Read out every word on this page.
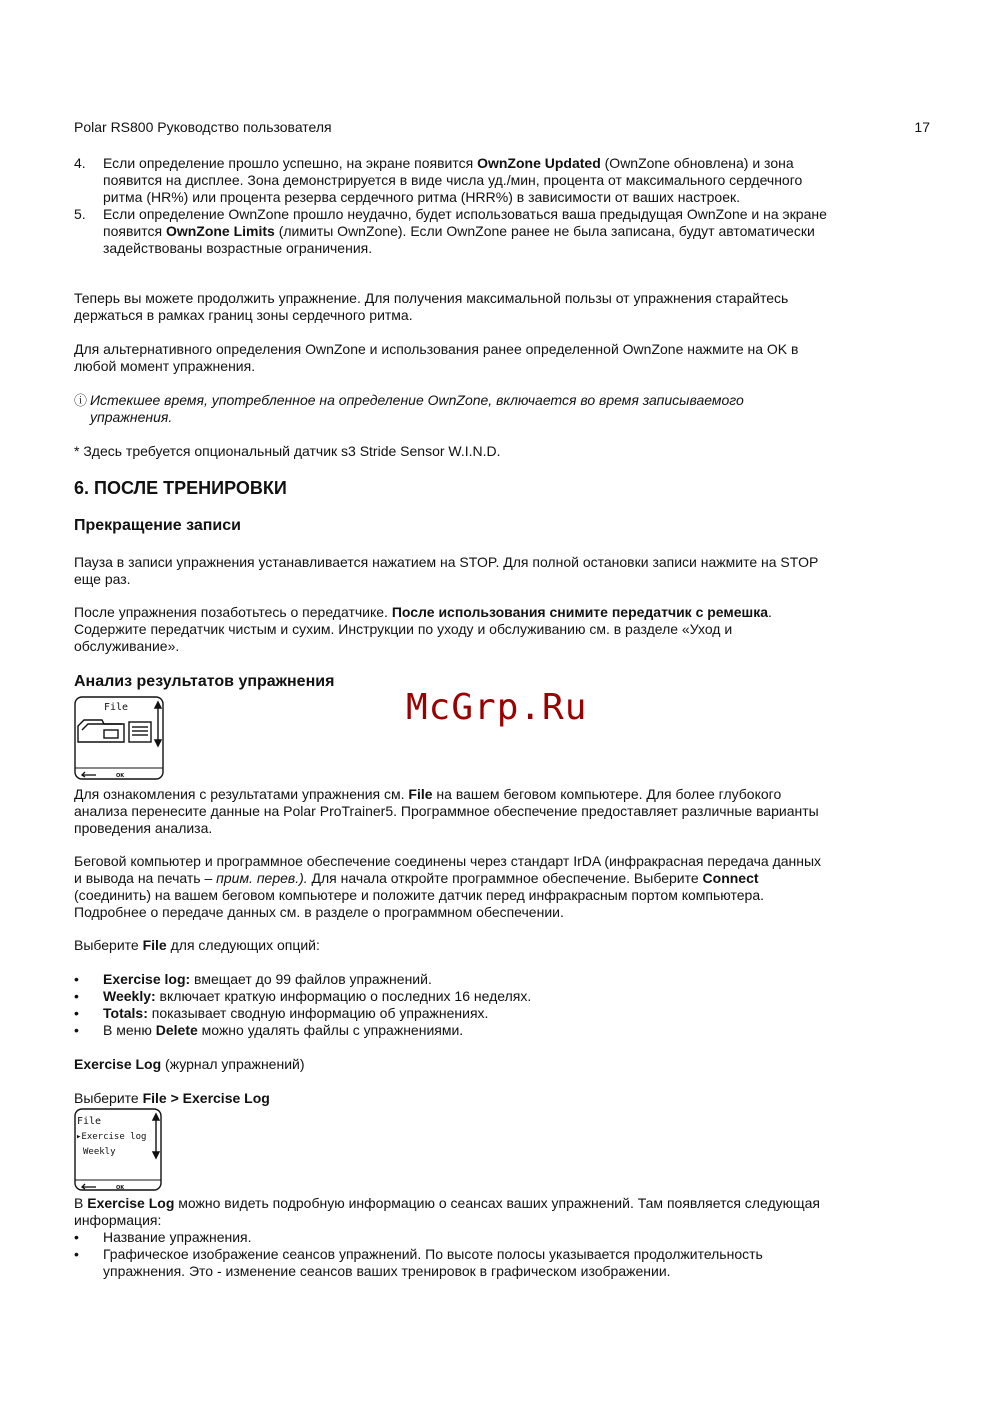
Polar RS800 Руководство пользователя	17
4. Если определение прошло успешно, на экране появится OwnZone Updated (OwnZone обновлена) и зона появится на дисплее. Зона демонстрируется в виде числа уд./мин, процента от максимального сердечного ритма (HR%) или процента резерва сердечного ритма (HRR%) в зависимости от ваших настроек.
5. Если определение OwnZone прошло неудачно, будет использоваться ваша предыдущая OwnZone и на экране появится OwnZone Limits (лимиты OwnZone). Если OwnZone ранее не была записана, будут автоматически задействованы возрастные ограничения.

Теперь вы можете продолжить упражнение. Для получения максимальной пользы от упражнения старайтесь держаться в рамках границ зоны сердечного ритма.

Для альтернативного определения OwnZone и использования ранее определенной OwnZone нажмите на OK в любой момент упражнения.

ⓘ Истекшее время, употребленное на определение OwnZone, включается во время записываемого упражнения.

* Здесь требуется опциональный датчик s3 Stride Sensor W.I.N.D.

6. ПОСЛЕ ТРЕНИРОВКИ
Прекращение записи

Пауза в записи упражнения устанавливается нажатием на STOP. Для полной остановки записи нажмите на STOP еще раз.

После упражнения позаботьтесь о передатчике. После использования снимите передатчик с ремешка. Содержите передатчик чистым и сухим. Инструкции по уходу и обслуживанию см. в разделе «Уход и обслуживание».

Анализ результатов упражнения
McGrp.Ru
File
OK

Для ознакомления с результатами упражнения см. File на вашем беговом компьютере. Для более глубокого анализа перенесите данные на Polar ProTrainer5. Программное обеспечение предоставляет различные варианты проведения анализа.

Беговой компьютер и программное обеспечение соединены через стандарт IrDA (инфракрасная передача данных и вывода на печать – прим. перев.). Для начала откройте программное обеспечение. Выберите Connect (соединить) на вашем беговом компьютере и положите датчик перед инфракрасным портом компьютера. Подробнее о передаче данных см. в разделе о программном обеспечении.

Выберите File для следующих опций:

• Exercise log: вмещает до 99 файлов упражнений.
• Weekly: включает краткую информацию о последних 16 неделях.
• Totals: показывает сводную информацию об упражнениях.
• В меню Delete можно удалять файлы с упражнениями.

Exercise Log (журнал упражнений)

Выберите File > Exercise Log

File
▸Exercise log
Weekly
OK

В Exercise Log можно видеть подробную информацию о сеансах ваших упражнений. Там появляется следующая информация:

• Название упражнения.
• Графическое изображение сеансов упражнений. По высоте полосы указывается продолжительность упражнения. Это - изменение сеансов ваших тренировок в графическом изображении.
